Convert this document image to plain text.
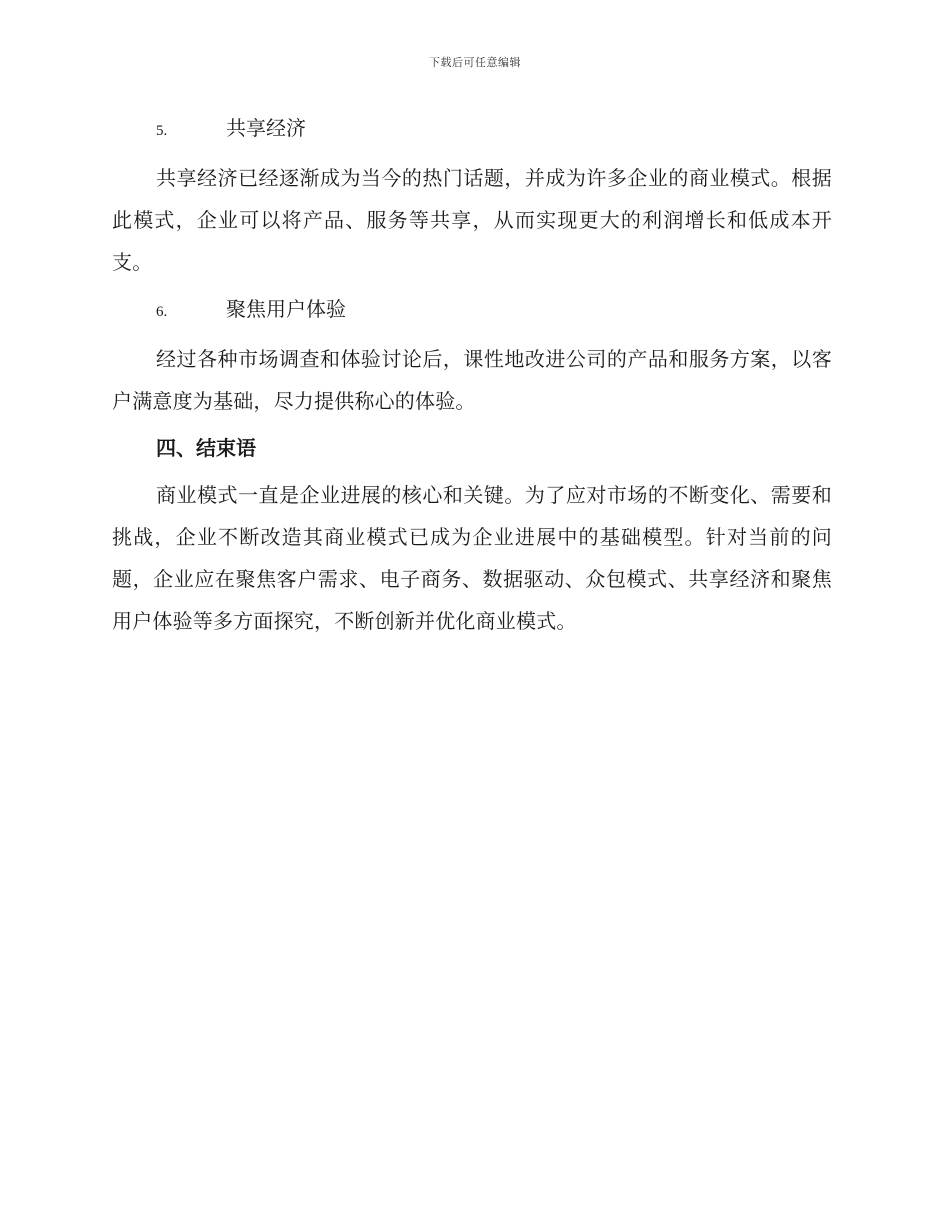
下载后可任意编辑
5.	共享经济

共享经济已经逐渐成为当今的热门话题，并成为许多企业的商业模式。根据此模式，企业可以将产品、服务等共享，从而实现更大的利润增长和低成本开支。

6.	聚焦用户体验

经过各种市场调查和体验讨论后，课性地改进公司的产品和服务方案，以客户满意度为基础，尽力提供称心的体验。

四、结束语

商业模式一直是企业进展的核心和关键。为了应对市场的不断变化、需要和挑战，企业不断改造其商业模式已成为企业进展中的基础模型。针对当前的问题，企业应在聚焦客户需求、电子商务、数据驱动、众包模式、共享经济和聚焦用户体验等多方面探究，不断创新并优化商业模式。
